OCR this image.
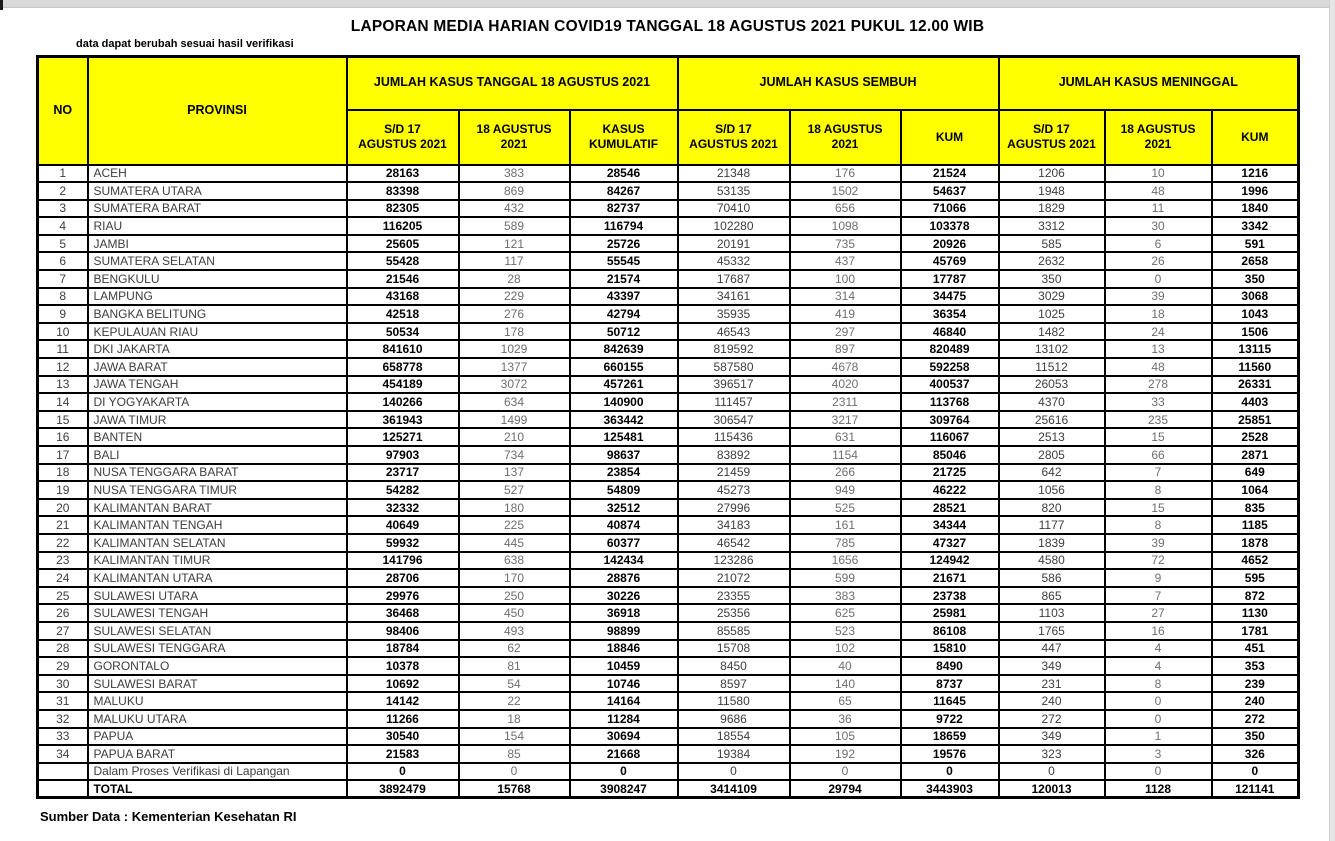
LAPORAN MEDIA HARIAN COVID19 TANGGAL 18 AGUSTUS 2021 PUKUL 12.00 WIB
data dapat berubah sesuai hasil verifikasi
NO	PROVINSI	JUMLAH KASUS TANGGAL 18 AGUSTUS 2021			JUMLAH KASUS SEMBUH			JUMLAH KASUS MENINGGAL		
		S/D 17 AGUSTUS 2021	18 AGUSTUS 2021	KASUS KUMULATIF	S/D 17 AGUSTUS 2021	18 AGUSTUS 2021	KUM	S/D 17 AGUSTUS 2021	18 AGUSTUS 2021	KUM
1	ACEH	28163	383	28546	21348	176	21524	1206	10	1216
2	SUMATERA UTARA	83398	869	84267	53135	1502	54637	1948	48	1996
3	SUMATERA BARAT	82305	432	82737	70410	656	71066	1829	11	1840
4	RIAU	116205	589	116794	102280	1098	103378	3312	30	3342
5	JAMBI	25605	121	25726	20191	735	20926	585	6	591
6	SUMATERA SELATAN	55428	117	55545	45332	437	45769	2632	26	2658
7	BENGKULU	21546	28	21574	17687	100	17787	350	0	350
8	LAMPUNG	43168	229	43397	34161	314	34475	3029	39	3068
9	BANGKA BELITUNG	42518	276	42794	35935	419	36354	1025	18	1043
10	KEPULAUAN RIAU	50534	178	50712	46543	297	46840	1482	24	1506
11	DKI JAKARTA	841610	1029	842639	819592	897	820489	13102	13	13115
12	JAWA BARAT	658778	1377	660155	587580	4678	592258	11512	48	11560
13	JAWA TENGAH	454189	3072	457261	396517	4020	400537	26053	278	26331
14	DI YOGYAKARTA	140266	634	140900	111457	2311	113768	4370	33	4403
15	JAWA TIMUR	361943	1499	363442	306547	3217	309764	25616	235	25851
16	BANTEN	125271	210	125481	115436	631	116067	2513	15	2528
17	BALI	97903	734	98637	83892	1154	85046	2805	66	2871
18	NUSA TENGGARA BARAT	23717	137	23854	21459	266	21725	642	7	649
19	NUSA TENGGARA TIMUR	54282	527	54809	45273	949	46222	1056	8	1064
20	KALIMANTAN BARAT	32332	180	32512	27996	525	28521	820	15	835
21	KALIMANTAN TENGAH	40649	225	40874	34183	161	34344	1177	8	1185
22	KALIMANTAN SELATAN	59932	445	60377	46542	785	47327	1839	39	1878
23	KALIMANTAN TIMUR	141796	638	142434	123286	1656	124942	4580	72	4652
24	KALIMANTAN UTARA	28706	170	28876	21072	599	21671	586	9	595
25	SULAWESI UTARA	29976	250	30226	23355	383	23738	865	7	872
26	SULAWESI TENGAH	36468	450	36918	25356	625	25981	1103	27	1130
27	SULAWESI SELATAN	98406	493	98899	85585	523	86108	1765	16	1781
28	SULAWESI TENGGARA	18784	62	18846	15708	102	15810	447	4	451
29	GORONTALO	10378	81	10459	8450	40	8490	349	4	353
30	SULAWESI BARAT	10692	54	10746	8597	140	8737	231	8	239
31	MALUKU	14142	22	14164	11580	65	11645	240	0	240
32	MALUKU UTARA	11266	18	11284	9686	36	9722	272	0	272
33	PAPUA	30540	154	30694	18554	105	18659	349	1	350
34	PAPUA BARAT	21583	85	21668	19384	192	19576	323	3	326
	Dalam Proses Verifikasi di Lapangan	0	0	0	0	0	0	0	0	0
	TOTAL	3892479	15768	3908247	3414109	29794	3443903	120013	1128	121141
Sumber Data : Kementerian Kesehatan RI
